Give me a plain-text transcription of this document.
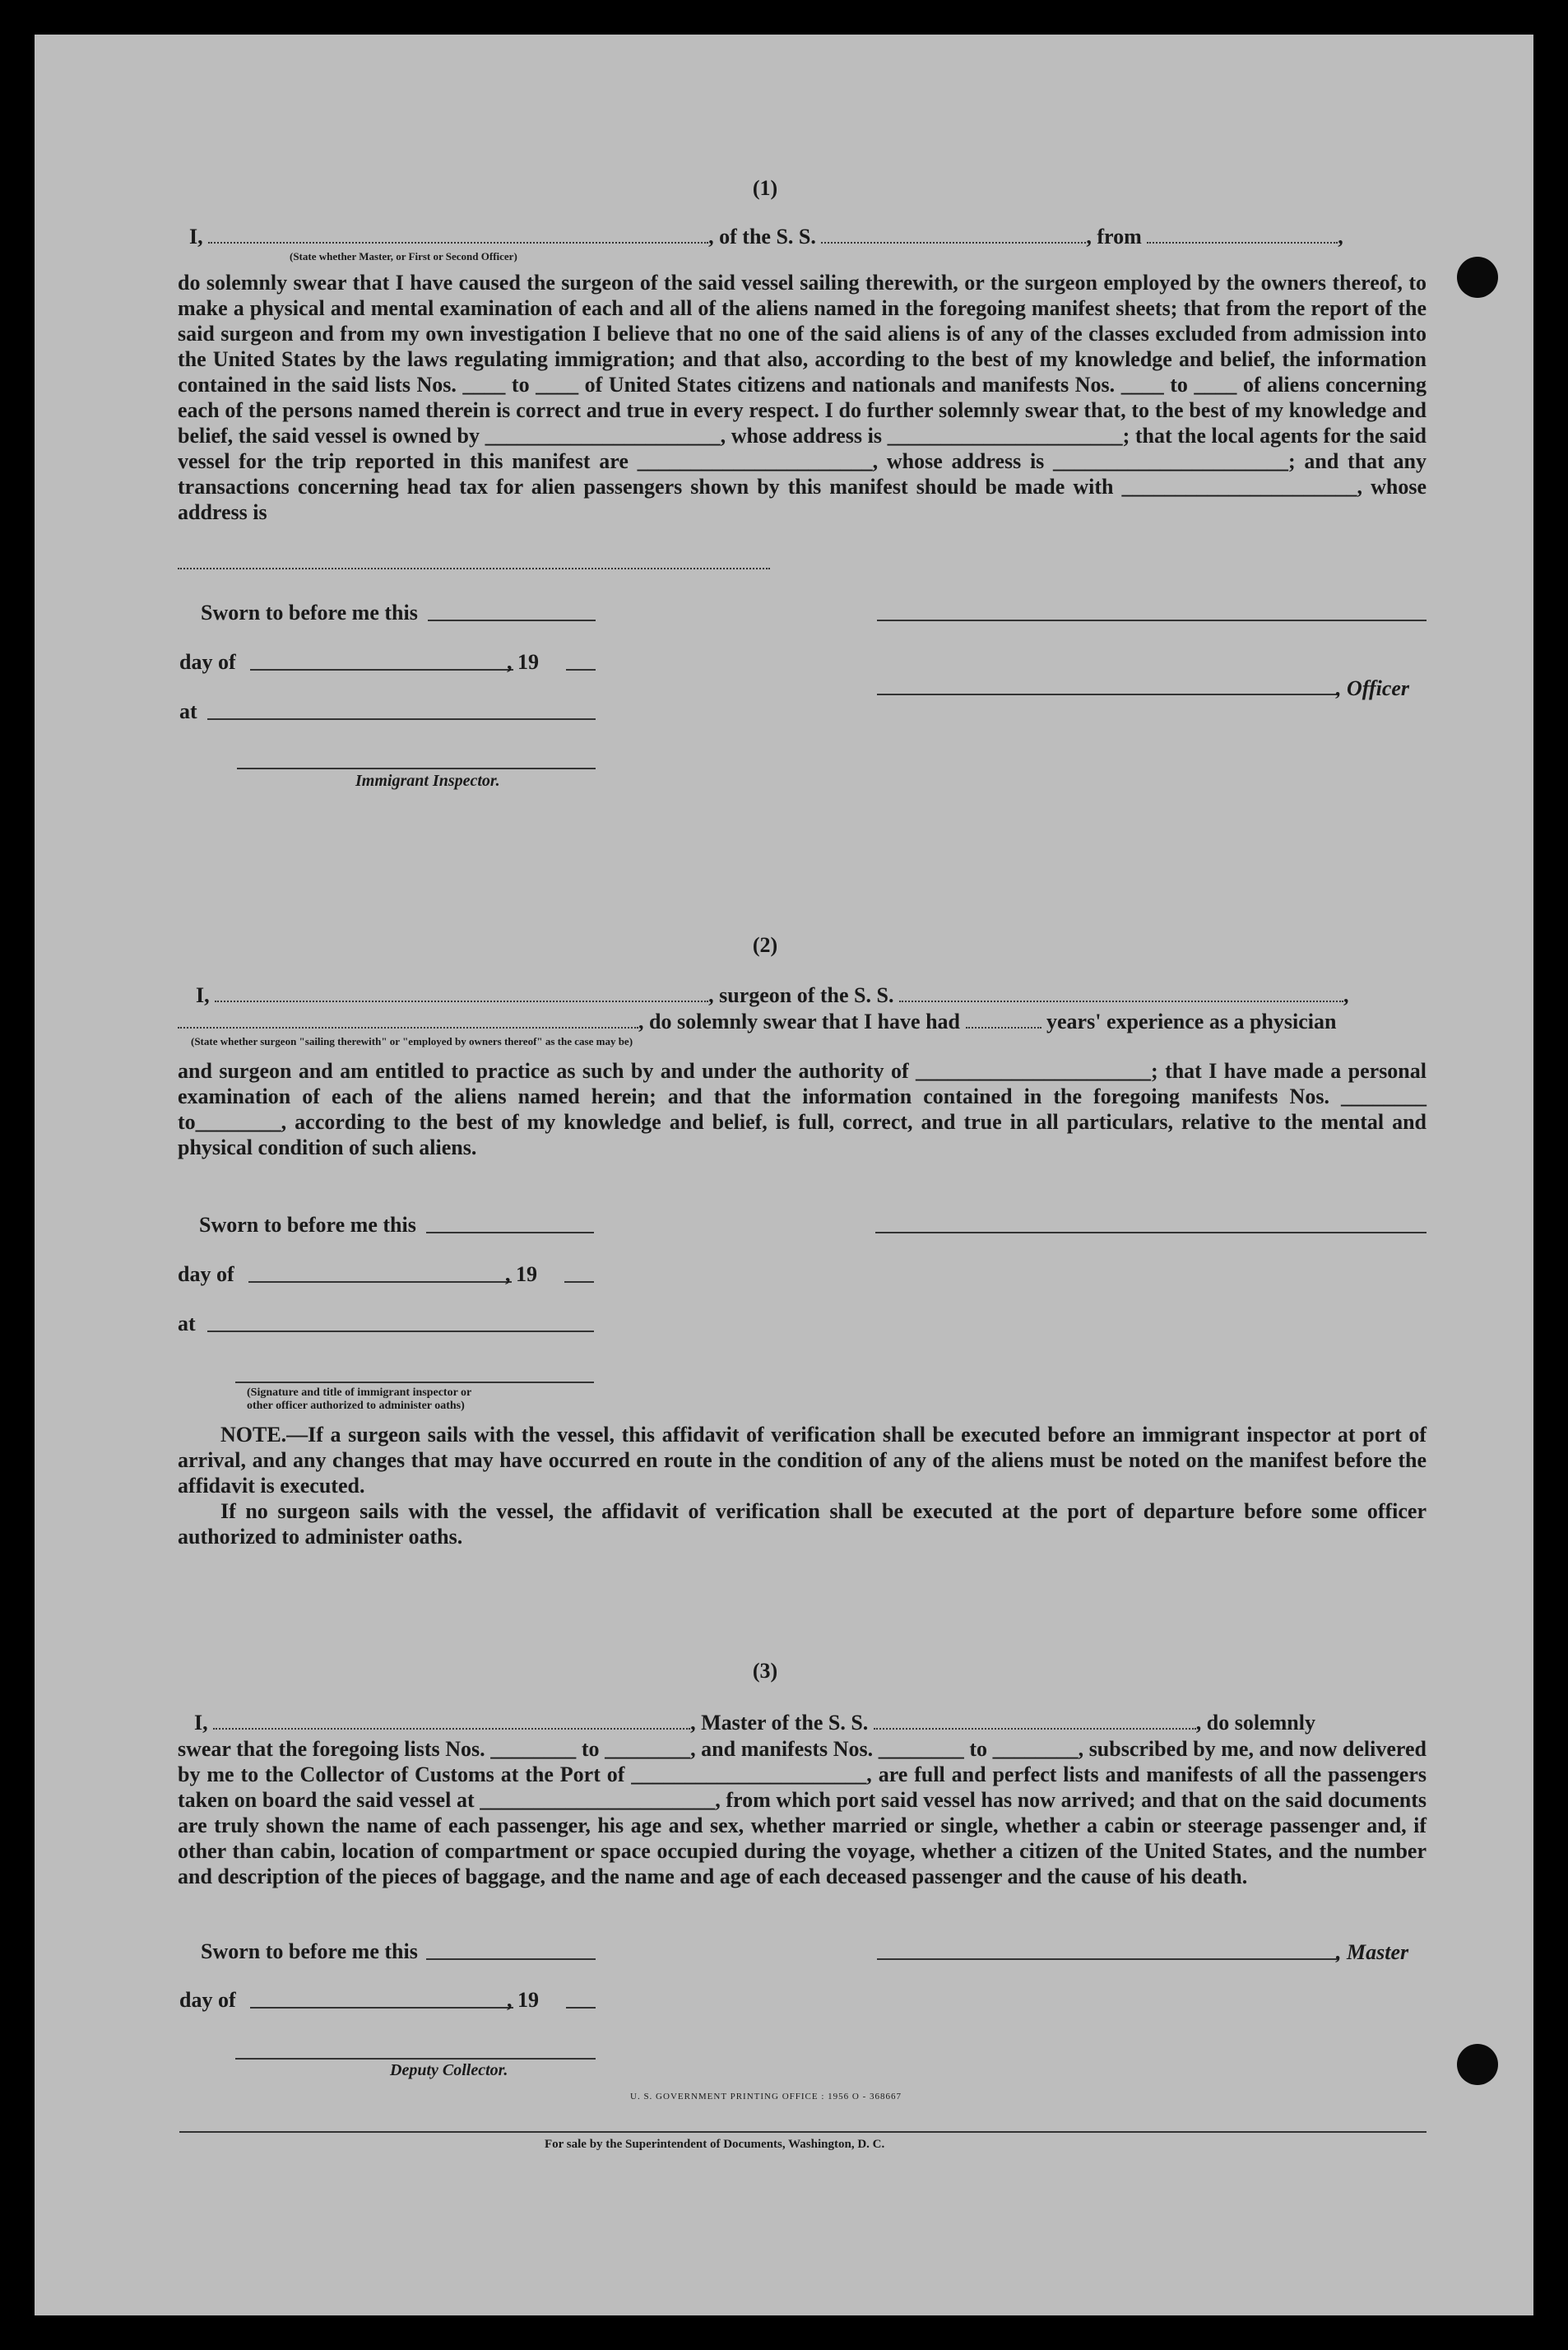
(1)
I,	, of the S. S.	, from	,
(State whether Master, or First or Second Officer)

do solemnly swear that I have caused the surgeon of the said vessel sailing therewith, or the surgeon employed by the owners thereof, to make a physical and mental examination of each and all of the aliens named in the foregoing manifest sheets; that from the report of the said surgeon and from my own investigation I believe that no one of the said aliens is of any of the classes excluded from admission into the United States by the laws regulating immigration; and that also, according to the best of my knowledge and belief, the information contained in the said lists Nos. ____ to ____ of United States citizens and nationals and manifests Nos. ____ to ____ of aliens concerning each of the persons named therein is correct and true in every respect. I do further solemnly swear that, to the best of my knowledge and belief, the said vessel is owned by ______________________, whose address is ______________________; that the local agents for the said vessel for the trip reported in this manifest are ______________________, whose address is ______________________; and that any transactions concerning head tax for alien passengers shown by this manifest should be made with ______________________, whose address is

Sworn to before me this
day of	, 19
, Officer
at
Immigrant Inspector.
(2)
I,	, surgeon of the S. S.	,
, do solemnly swear that I have had	years' experience as a physician
(State whether surgeon "sailing therewith" or "employed by owners thereof" as the case may be)

and surgeon and am entitled to practice as such by and under the authority of ______________________; that I have made a personal examination of each of the aliens named herein; and that the information contained in the foregoing manifests Nos. ________ to________, according to the best of my knowledge and belief, is full, correct, and true in all particulars, relative to the mental and physical condition of such aliens.

Sworn to before me this
day of	, 19
at
(Signature and title of immigrant inspector or
other officer authorized to administer oaths)

NOTE.—If a surgeon sails with the vessel, this affidavit of verification shall be executed before an immigrant inspector at port of arrival, and any changes that may have occurred en route in the condition of any of the aliens must be noted on the manifest before the affidavit is executed.

If no surgeon sails with the vessel, the affidavit of verification shall be executed at the port of departure before some officer authorized to administer oaths.

(3)
I,	, Master of the S. S.	, do solemnly

swear that the foregoing lists Nos. ________ to ________, and manifests Nos. ________ to ________, subscribed by me, and now delivered by me to the Collector of Customs at the Port of ______________________, are full and perfect lists and manifests of all the passengers taken on board the said vessel at ______________________, from which port said vessel has now arrived; and that on the said documents are truly shown the name of each passenger, his age and sex, whether married or single, whether a cabin or steerage passenger and, if other than cabin, location of compartment or space occupied during the voyage, whether a citizen of the United States, and the number and description of the pieces of baggage, and the name and age of each deceased passenger and the cause of his death.

Sworn to before me this	, Master
day of	, 19
Deputy Collector.
U. S. GOVERNMENT PRINTING OFFICE : 1956 O - 368667
For sale by the Superintendent of Documents, Washington, D. C.
